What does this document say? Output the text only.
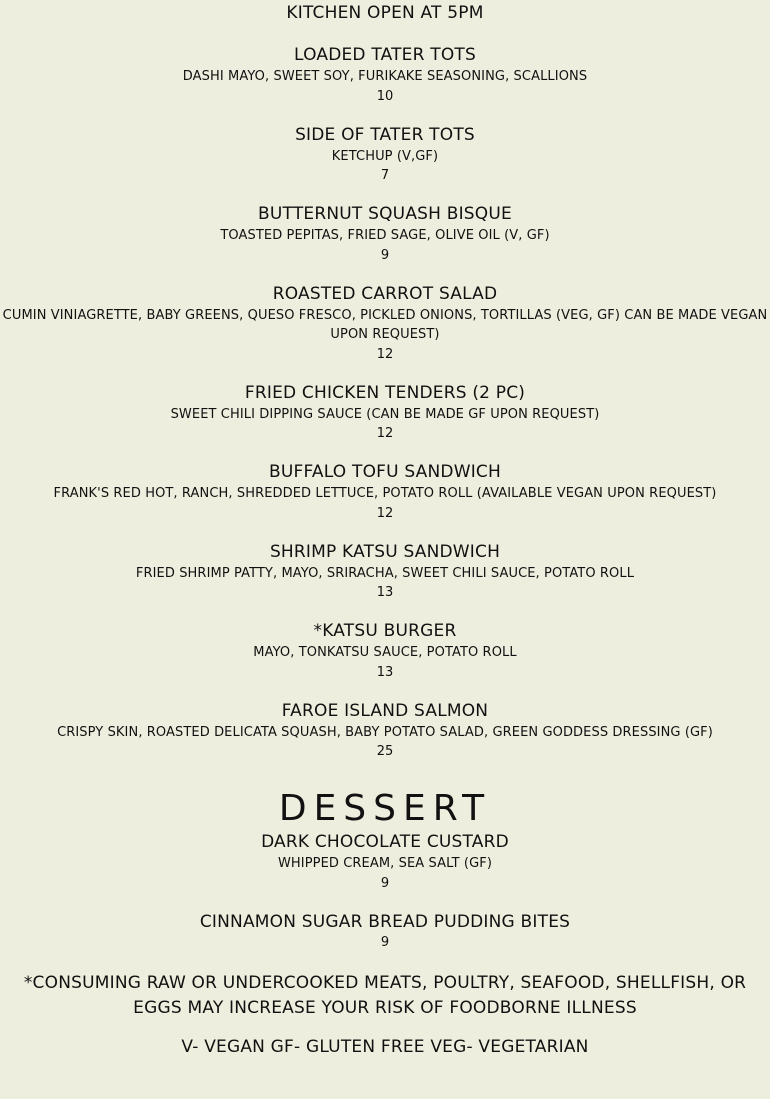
KITCHEN OPEN AT 5PM
LOADED TATER TOTS
DASHI MAYO, SWEET SOY, FURIKAKE SEASONING, SCALLIONS
10
SIDE OF TATER TOTS
KETCHUP (V,GF)
7
BUTTERNUT SQUASH BISQUE
TOASTED PEPITAS, FRIED SAGE, OLIVE OIL (V, GF)
9
ROASTED CARROT SALAD
CUMIN VINIAGRETTE, BABY GREENS, QUESO FRESCO, PICKLED ONIONS, TORTILLAS (VEG, GF) CAN BE MADE VEGAN UPON REQUEST)
12
FRIED CHICKEN TENDERS (2 PC)
SWEET CHILI DIPPING SAUCE (CAN BE MADE GF UPON REQUEST)
12
BUFFALO TOFU SANDWICH
FRANK'S RED HOT, RANCH, SHREDDED LETTUCE, POTATO ROLL (AVAILABLE VEGAN UPON REQUEST)
12
SHRIMP KATSU SANDWICH
FRIED SHRIMP PATTY, MAYO, SRIRACHA, SWEET CHILI SAUCE, POTATO ROLL
13
*KATSU BURGER
MAYO, TONKATSU SAUCE, POTATO ROLL
13
FAROE ISLAND SALMON
CRISPY SKIN, ROASTED DELICATA SQUASH, BABY POTATO SALAD, GREEN GODDESS DRESSING (GF)
25
DESSERT
DARK CHOCOLATE CUSTARD
WHIPPED CREAM, SEA SALT (GF)
9
CINNAMON SUGAR BREAD PUDDING BITES
9
*CONSUMING RAW OR UNDERCOOKED MEATS, POULTRY, SEAFOOD, SHELLFISH, OR EGGS MAY INCREASE YOUR RISK OF FOODBORNE ILLNESS
V- VEGAN GF- GLUTEN FREE VEG- VEGETARIAN
